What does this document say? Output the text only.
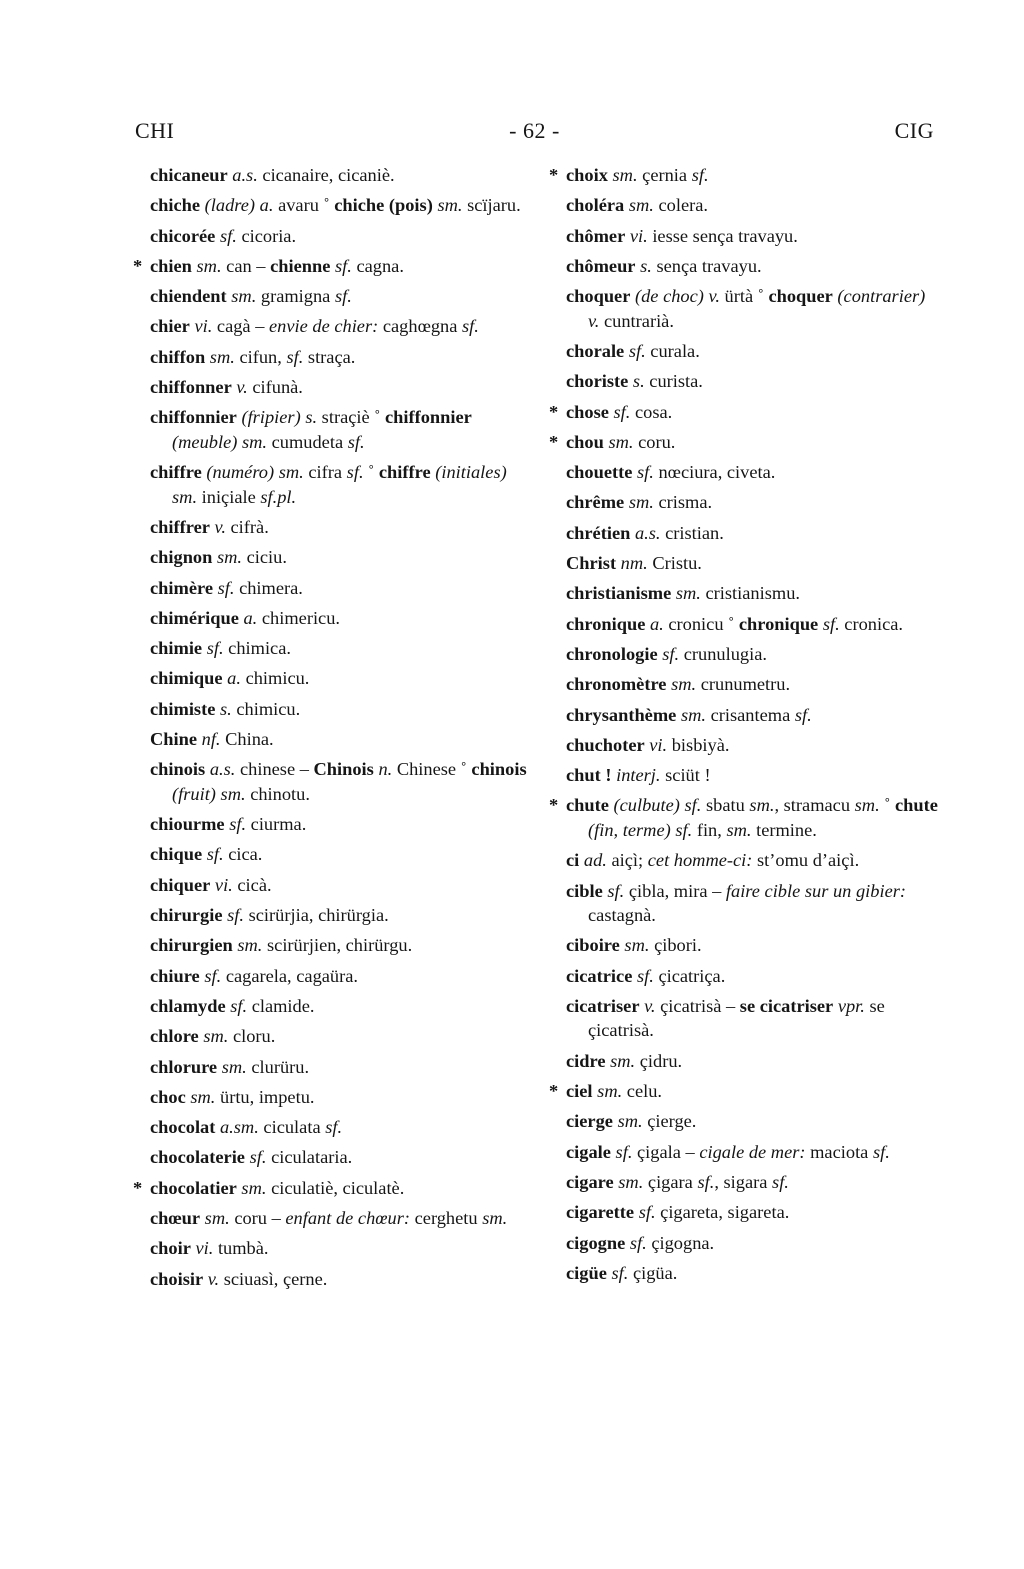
CHI	- 62 -	CIG
chicaneur a.s. cicanaire, cicaniè.
chiche (ladre) a. avaru ˚ chiche (pois) sm. scïjaru.
chicorée sf. cicoria.
* chien sm. can – chienne sf. cagna.
chiendent sm. gramigna sf.
chier vi. cagà – envie de chier: caghœgna sf.
chiffon sm. cifun, sf. straça.
chiffonner v. cifunà.
chiffonnier (fripier) s. straçiè ˚ chiffonnier (meuble) sm. cumudeta sf.
chiffre (numéro) sm. cifra sf. ˚ chiffre (initiales) sm. iniçiale sf.pl.
chiffrer v. cifrà.
chignon sm. ciciu.
chimère sf. chimera.
chimérique a. chimericu.
chimie sf. chimica.
chimique a. chimicu.
chimiste s. chimicu.
Chine nf. China.
chinois a.s. chinese – Chinois n. Chinese ˚ chinois (fruit) sm. chinotu.
chiourme sf. ciurma.
chique sf. cica.
chiquer vi. cicà.
chirurgie sf. scirürjia, chirürgia.
chirurgien sm. scirürjien, chirürgu.
chiure sf. cagarela, cagaüra.
chlamyde sf. clamide.
chlore sm. cloru.
chlorure sm. clurüru.
choc sm. ürtu, impetu.
chocolat a.sm. ciculata sf.
chocolaterie sf. ciculataria.
* chocolatier sm. ciculatiè, ciculatè.
chœur sm. coru – enfant de chœur: cerghetu sm.
choir vi. tumbà.
choisir v. sciuasì, çerne.
* choix sm. çernia sf.
choléra sm. colera.
chômer vi. iesse sença travayu.
chômeur s. sença travayu.
choquer (de choc) v. ürtà ˚ choquer (contrarier) v. cuntrarià.
chorale sf. curala.
choriste s. curista.
* chose sf. cosa.
* chou sm. coru.
chouette sf. nœciura, civeta.
chrême sm. crisma.
chrétien a.s. cristian.
Christ nm. Cristu.
christianisme sm. cristianismu.
chronique a. cronicu ˚ chronique sf. cronica.
chronologie sf. crunulugia.
chronomètre sm. crunumetru.
chrysanthème sm. crisantema sf.
chuchoter vi. bisbiyà.
chut ! interj. sciüt !
* chute (culbute) sf. sbatu sm., stramacu sm. ˚ chute (fin, terme) sf. fin, sm. termine.
ci ad. aiçì; cet homme-ci: st’omu d’aiçì.
cible sf. çibla, mira – faire cible sur un gibier: castagnà.
ciboire sm. çibori.
cicatrice sf. çicatriça.
cicatriser v. çicatrisà – se cicatriser vpr. se çicatrisà.
cidre sm. çidru.
* ciel sm. celu.
cierge sm. çierge.
cigale sf. çigala – cigale de mer: maciota sf.
cigare sm. çigara sf., sigara sf.
cigarette sf. çigareta, sigareta.
cigogne sf. çigogna.
cigüe sf. çigüa.
